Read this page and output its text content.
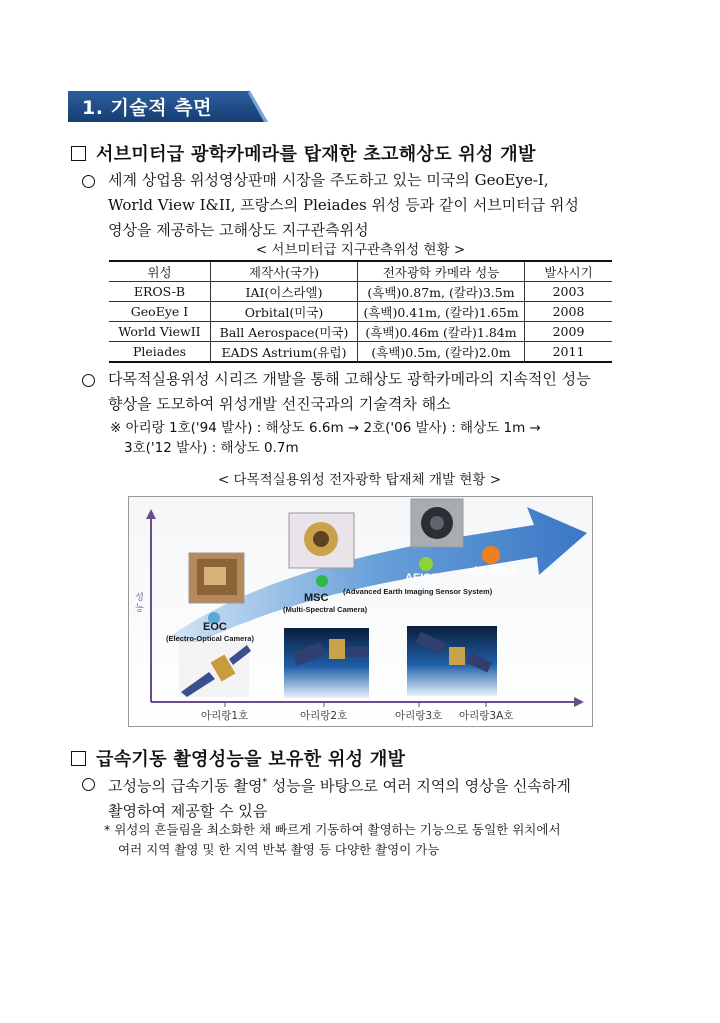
1. 기술적 측면
서브미터급 광학카메라를 탑재한 초고해상도 위성 개발
세계 상업용 위성영상판매 시장을 주도하고 있는 미국의 GeoEye-I,
World View I&II, 프랑스의 Pleiades 위성 등과 같이 서브미터급 위성
영상을 제공하는 고해상도 지구관측위성
< 서브미터급 지구관측위성 현황 >
위성	제작사(국가)	전자광학 카메라 성능	발사시기
EROS-B	IAI(이스라엘)	(흑백)0.87m, (칼라)3.5m	2003
GeoEye I	Orbital(미국)	(흑백)0.41m, (칼라)1.65m	2008
World ViewII	Ball Aerospace(미국)	(흑백)0.46m (칼라)1.84m	2009
Pleiades	EADS Astrium(유럽)	(흑백)0.5m, (칼라)2.0m	2011
다목적실용위성 시리즈 개발을 통해 고해상도 광학카메라의 지속적인 성능
향상을 도모하여 위성개발 선진국과의 기술격차 해소
※ 아리랑 1호('94 발사) : 해상도 6.6m → 2호('06 발사) : 해상도 1m →
3호('12 발사) : 해상도 0.7m
< 다목적실용위성 전자광학 탑재체 개발 현황 >
성능
EOC
(Electro-Optical Camera)
MSC
(Multi-Spectral Camera)
AEISS
(Advanced Earth Imaging Sensor System)
AEISS-A
아리랑1호	아리랑2호	아리랑3호 아리랑3A호
급속기동 촬영성능을 보유한 위성 개발
고성능의 급속기동 촬영* 성능을 바탕으로 여러 지역의 영상을 신속하게
촬영하여 제공할 수 있음
* 위성의 흔들림을 최소화한 채 빠르게 기동하여 촬영하는 기능으로 동일한 위치에서
여러 지역 촬영 및 한 지역 반복 촬영 등 다양한 촬영이 가능
